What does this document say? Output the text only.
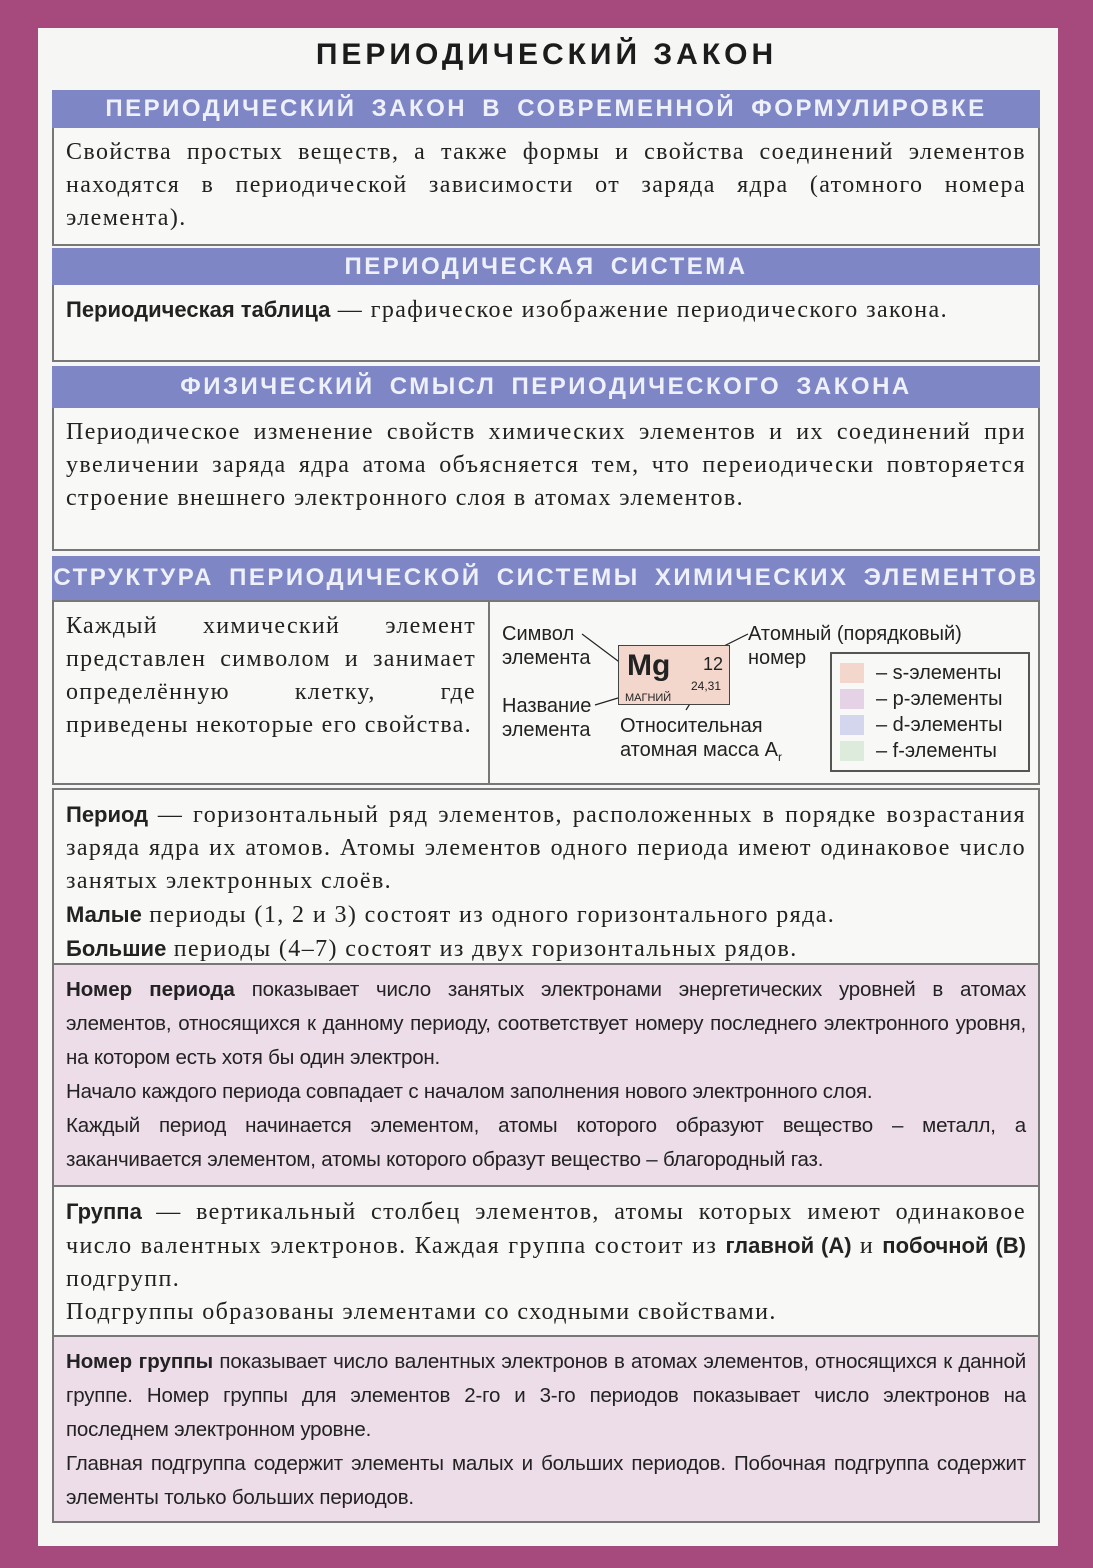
ПЕРИОДИЧЕСКИЙ ЗАКОН
ПЕРИОДИЧЕСКИЙ ЗАКОН В СОВРЕМЕННОЙ ФОРМУЛИРОВКЕ
Свойства простых веществ, а также формы и свойства соединений элементов находятся в периодической зависимости от заряда ядра (атомного номера элемента).
ПЕРИОДИЧЕСКАЯ СИСТЕМА
Периодическая таблица — графическое изображение периодического закона.
ФИЗИЧЕСКИЙ СМЫСЛ ПЕРИОДИЧЕСКОГО ЗАКОНА
Периодическое изменение свойств химических элементов и их соединений при увеличении заряда ядра атома объясняется тем, что переиодически повторяется строение внешнего электронного слоя в атомах элементов.
СТРУКТУРА ПЕРИОДИЧЕСКОЙ СИСТЕМЫ ХИМИЧЕСКИХ ЭЛЕМЕНТОВ
Каждый химический элемент представлен символом и занимает определённую клетку, где приведены некоторые его свойства.
Символ
элемента
Название
элемента
Атомный (порядковый)
номер
Относительная
атомная масса $A_r$
Mg 12
24,31
МАГНИЙ
– s-элементы
– p-элементы
– d-элементы
– f-элементы

Период — горизонтальный ряд элементов, расположенных в порядке возрастания заряда ядра их атомов. Атомы элементов одного периода имеют одинаковое число занятых электронных слоёв.

Малые периоды (1, 2 и 3) состоят из одного горизонтального ряда.

Большие периоды (4–7) состоят из двух горизонтальных рядов.

Номер периода показывает число занятых электронами энергетических уровней в атомах элементов, относящихся к данному периоду, соответствует номеру последнего электронного уровня, на котором есть хотя бы один электрон.

Начало каждого периода совпадает с началом заполнения нового электронного слоя.

Каждый период начинается элементом, атомы которого образуют вещество – металл, а заканчивается элементом, атомы которого образут вещество – благородный газ.

Группа — вертикальный столбец элементов, атомы которых имеют одинаковое число валентных электронов. Каждая группа состоит из главной (А) и побочной (В) подгрупп.

Подгруппы образованы элементами со сходными свойствами.

Номер группы показывает число валентных электронов в атомах элементов, относящихся к данной группе. Номер группы для элементов 2-го и 3-го периодов показывает число электронов на последнем электронном уровне.

Главная подгруппа содержит элементы малых и больших периодов. Побочная подгруппа содержит элементы только больших периодов.
